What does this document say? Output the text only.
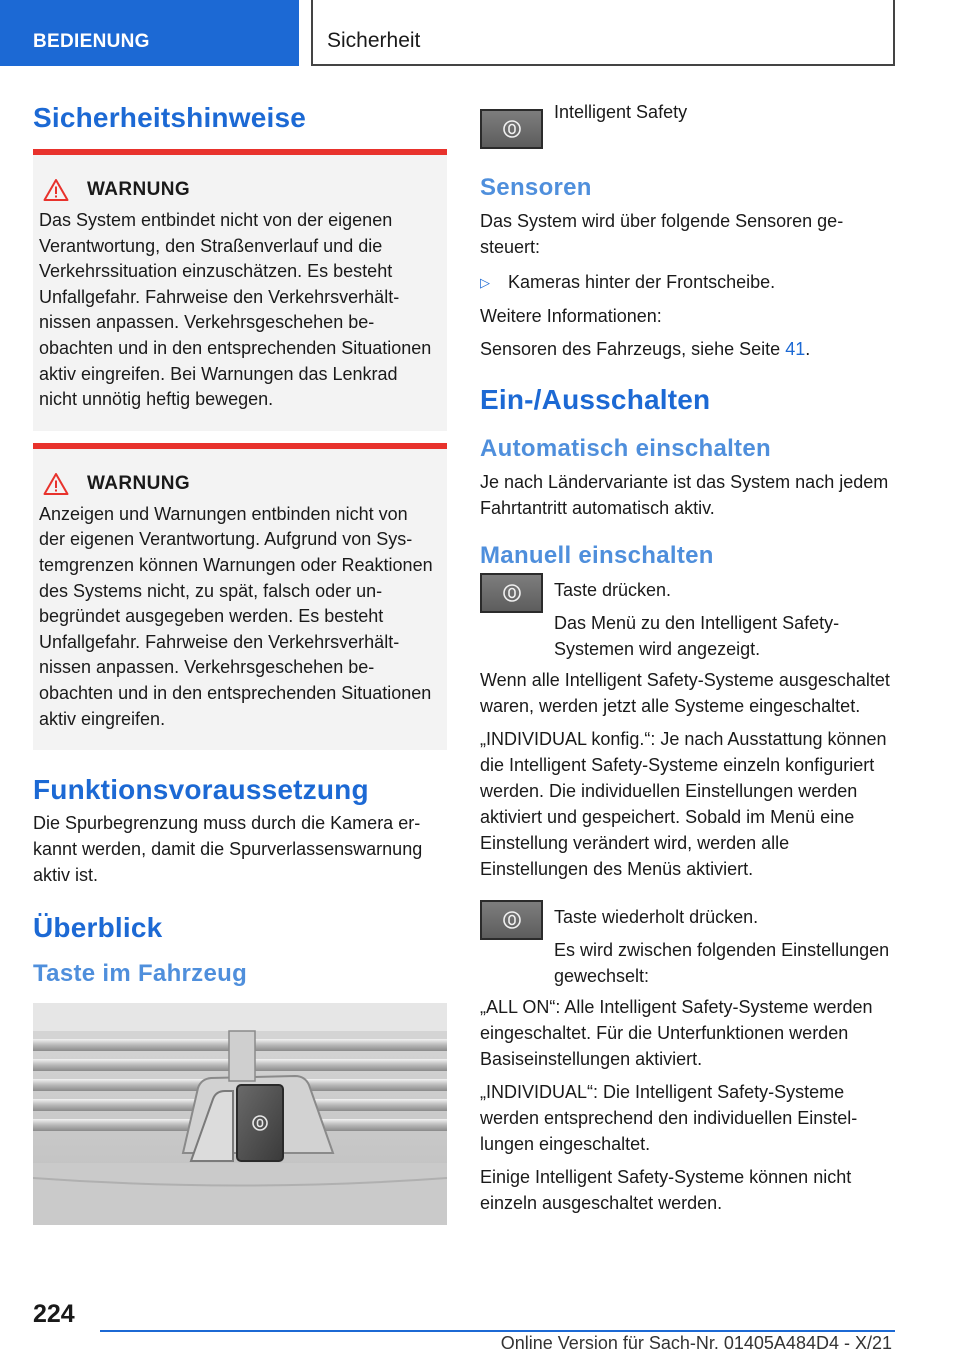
BEDIENUNG	Sicherheit
Sicherheitshinweise
WARNUNG
Das System entbindet nicht von der eigenen Verantwortung, den Straßenverlauf und die Verkehrssituation einzuschätzen. Es besteht Unfallgefahr. Fahrweise den Verkehrsverhältnissen anpassen. Verkehrsgeschehen beobachten und in den entsprechenden Situationen aktiv eingreifen. Bei Warnungen das Lenkrad nicht unnötig heftig bewegen.
WARNUNG
Anzeigen und Warnungen entbinden nicht von der eigenen Verantwortung. Aufgrund von Systemgrenzen können Warnungen oder Reaktionen des Systems nicht, zu spät, falsch oder unbegründet ausgegeben werden. Es besteht Unfallgefahr. Fahrweise den Verkehrsverhältnissen anpassen. Verkehrsgeschehen beobachten und in den entsprechenden Situationen aktiv eingreifen.
Funktionsvoraussetzung
Die Spurbegrenzung muss durch die Kamera erkannt werden, damit die Spurverlassenswarnung aktiv ist.
Überblick
Taste im Fahrzeug
Intelligent Safety
Sensoren
Das System wird über folgende Sensoren gesteuert:
▷	Kameras hinter der Frontscheibe.
Weitere Informationen:
Sensoren des Fahrzeugs, siehe Seite 41.
Ein-/Ausschalten
Automatisch einschalten
Je nach Ländervariante ist das System nach jedem Fahrtantritt automatisch aktiv.
Manuell einschalten
Taste drücken.
Das Menü zu den Intelligent Safety-Systemen wird angezeigt.
Wenn alle Intelligent Safety-Systeme ausgeschaltet waren, werden jetzt alle Systeme eingeschaltet.
„INDIVIDUAL konfig.“: Je nach Ausstattung können die Intelligent Safety-Systeme einzeln konfiguriert werden. Die individuellen Einstellungen werden aktiviert und gespeichert. Sobald im Menü eine Einstellung verändert wird, werden alle Einstellungen des Menüs aktiviert.
Taste wiederholt drücken.
Es wird zwischen folgenden Einstellungen gewechselt:
„ALL ON“: Alle Intelligent Safety-Systeme werden eingeschaltet. Für die Unterfunktionen werden Basiseinstellungen aktiviert.
„INDIVIDUAL“: Die Intelligent Safety-Systeme werden entsprechend den individuellen Einstellungen eingeschaltet.
Einige Intelligent Safety-Systeme können nicht einzeln ausgeschaltet werden.
224
Online Version für Sach-Nr. 01405A484D4 - X/21
